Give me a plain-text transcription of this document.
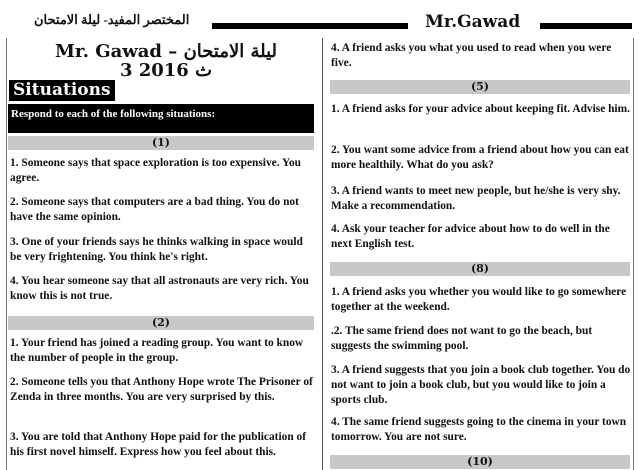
المختصر المفيد- ليلة الامتحان	Mr.Gawad
Mr. Gawad – ليلة الامتحان
3 ث 2016
Situations
Respond to each of the following situations:
(1)
1. Someone says that space exploration is too expensive. You agree.
2. Someone says that computers are a bad thing. You do not have the same opinion.
3. One of your friends says he thinks walking in space would be very frightening. You think he's right.
4. You hear someone say that all astronauts are very rich. You know this is not true.
(2)
1. Your friend has joined a reading group. You want to know the number of people in the group.
2. Someone tells you that Anthony Hope wrote The Prisoner of Zenda in three months. You are very surprised by this.
3. You are told that Anthony Hope paid for the publication of his first novel himself. Express how you feel about this.
4. A friend asks you what you used to read when you were five.
(5)
1. A friend asks for your advice about keeping fit. Advise him.
2. You want some advice from a friend about how you can eat more healthily. What do you ask?
3. A friend wants to meet new people, but he/she is very shy. Make a recommendation.
4. Ask your teacher for advice about how to do well in the next English test.
(8)
1. A friend asks you whether you would like to go somewhere together at the weekend.
.2. The same friend does not want to go the beach, but suggests the swimming pool.
3. A friend suggests that you join a book club together. You do not want to join a book club, but you would like to join a sports club.
4. The same friend suggests going to the cinema in your town tomorrow. You are not sure.
(10)
